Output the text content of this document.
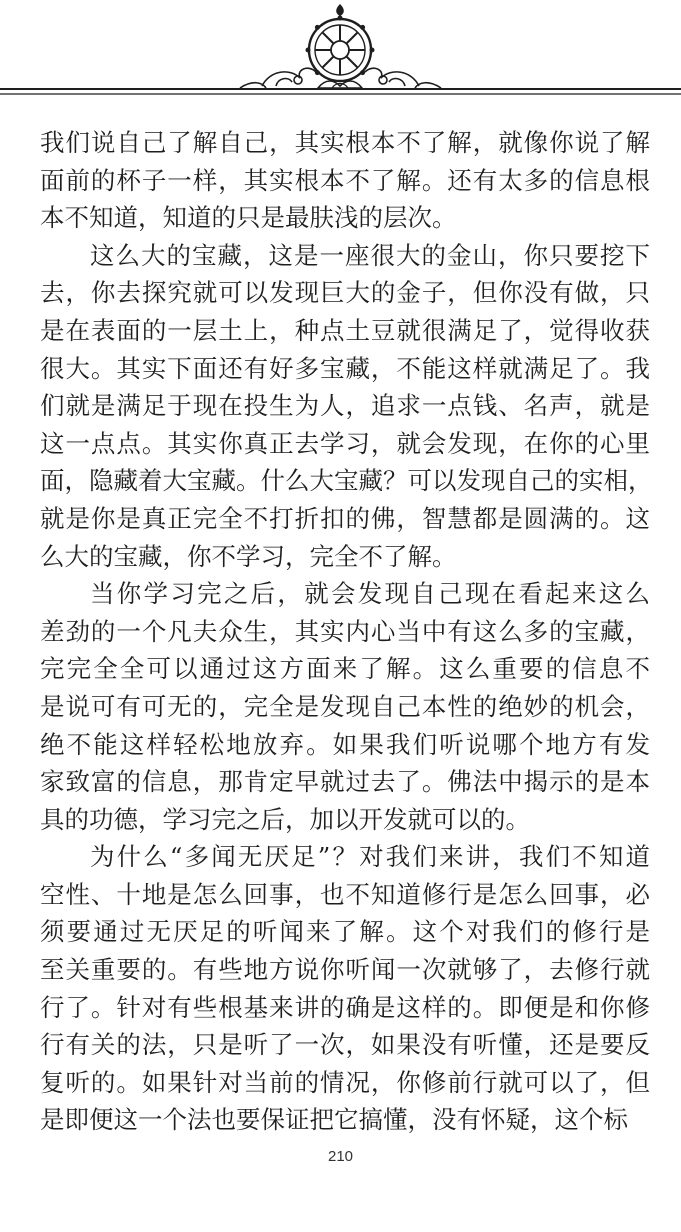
我们说自己了解自己，其实根本不了解，就像你说了解
面前的杯子一样，其实根本不了解。还有太多的信息根
本不知道，知道的只是最肤浅的层次。
这么大的宝藏，这是一座很大的金山，你只要挖下
去，你去探究就可以发现巨大的金子，但你没有做，只
是在表面的一层土上，种点土豆就很满足了，觉得收获
很大。其实下面还有好多宝藏，不能这样就满足了。我
们就是满足于现在投生为人，追求一点钱、名声，就是
这一点点。其实你真正去学习，就会发现，在你的心里
面，隐藏着大宝藏。什么大宝藏？可以发现自己的实相，
就是你是真正完全不打折扣的佛，智慧都是圆满的。这
么大的宝藏，你不学习，完全不了解。
当你学习完之后，就会发现自己现在看起来这么
差劲的一个凡夫众生，其实内心当中有这么多的宝藏，
完完全全可以通过这方面来了解。这么重要的信息不
是说可有可无的，完全是发现自己本性的绝妙的机会，
绝不能这样轻松地放弃。如果我们听说哪个地方有发
家致富的信息，那肯定早就过去了。佛法中揭示的是本
具的功德，学习完之后，加以开发就可以的。
为什么“多闻无厌足”？对我们来讲，我们不知道
空性、十地是怎么回事，也不知道修行是怎么回事，必
须要通过无厌足的听闻来了解。这个对我们的修行是
至关重要的。有些地方说你听闻一次就够了，去修行就
行了。针对有些根基来讲的确是这样的。即便是和你修
行有关的法，只是听了一次，如果没有听懂，还是要反
复听的。如果针对当前的情况，你修前行就可以了，但
是即便这一个法也要保证把它搞懂，没有怀疑，这个标
210
